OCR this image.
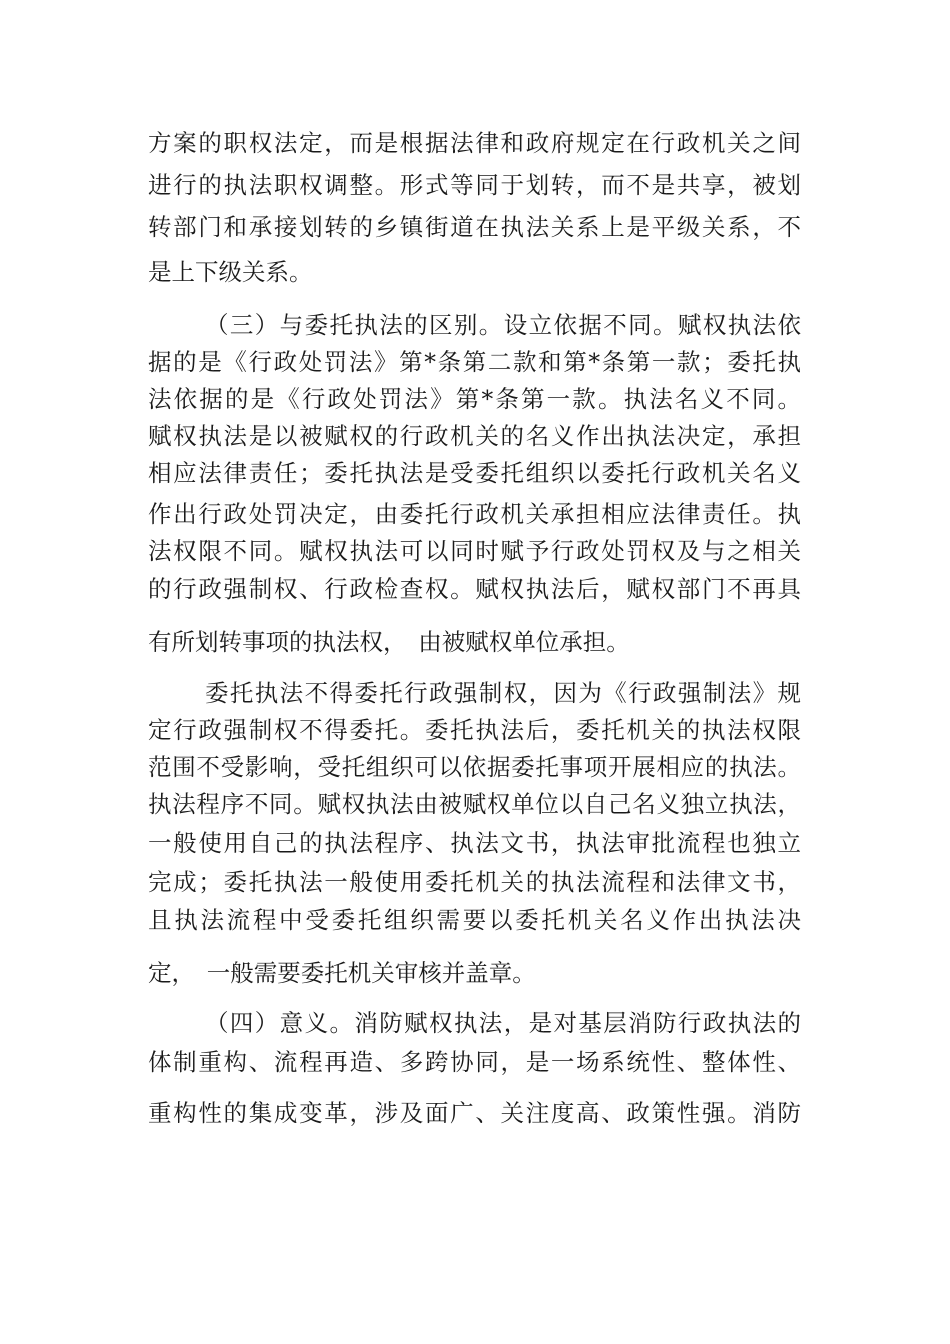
方案的职权法定，而是根据法律和政府规定在行政机关之间
进行的执法职权调整。形式等同于划转，而不是共享，被划
转部门和承接划转的乡镇街道在执法关系上是平级关系，不
是上下级关系。
（三）与委托执法的区别。设立依据不同。赋权执法依
据的是《行政处罚法》第*条第二款和第*条第一款；委托执
法依据的是《行政处罚法》第*条第一款。执法名义不同。
赋权执法是以被赋权的行政机关的名义作出执法决定，承担
相应法律责任；委托执法是受委托组织以委托行政机关名义
作出行政处罚决定，由委托行政机关承担相应法律责任。执
法权限不同。赋权执法可以同时赋予行政处罚权及与之相关
的行政强制权、行政检查权。赋权执法后，赋权部门不再具
有所划转事项的执法权，　由被赋权单位承担。
委托执法不得委托行政强制权，因为《行政强制法》规
定行政强制权不得委托。委托执法后，委托机关的执法权限
范围不受影响，受托组织可以依据委托事项开展相应的执法。
执法程序不同。赋权执法由被赋权单位以自己名义独立执法，
一般使用自己的执法程序、执法文书，执法审批流程也独立
完成；委托执法一般使用委托机关的执法流程和法律文书，
且执法流程中受委托组织需要以委托机关名义作出执法决
定，　一般需要委托机关审核并盖章。
（四）意义。消防赋权执法，是对基层消防行政执法的
体制重构、流程再造、多跨协同，是一场系统性、整体性、
重构性的集成变革，涉及面广、关注度高、政策性强。消防
